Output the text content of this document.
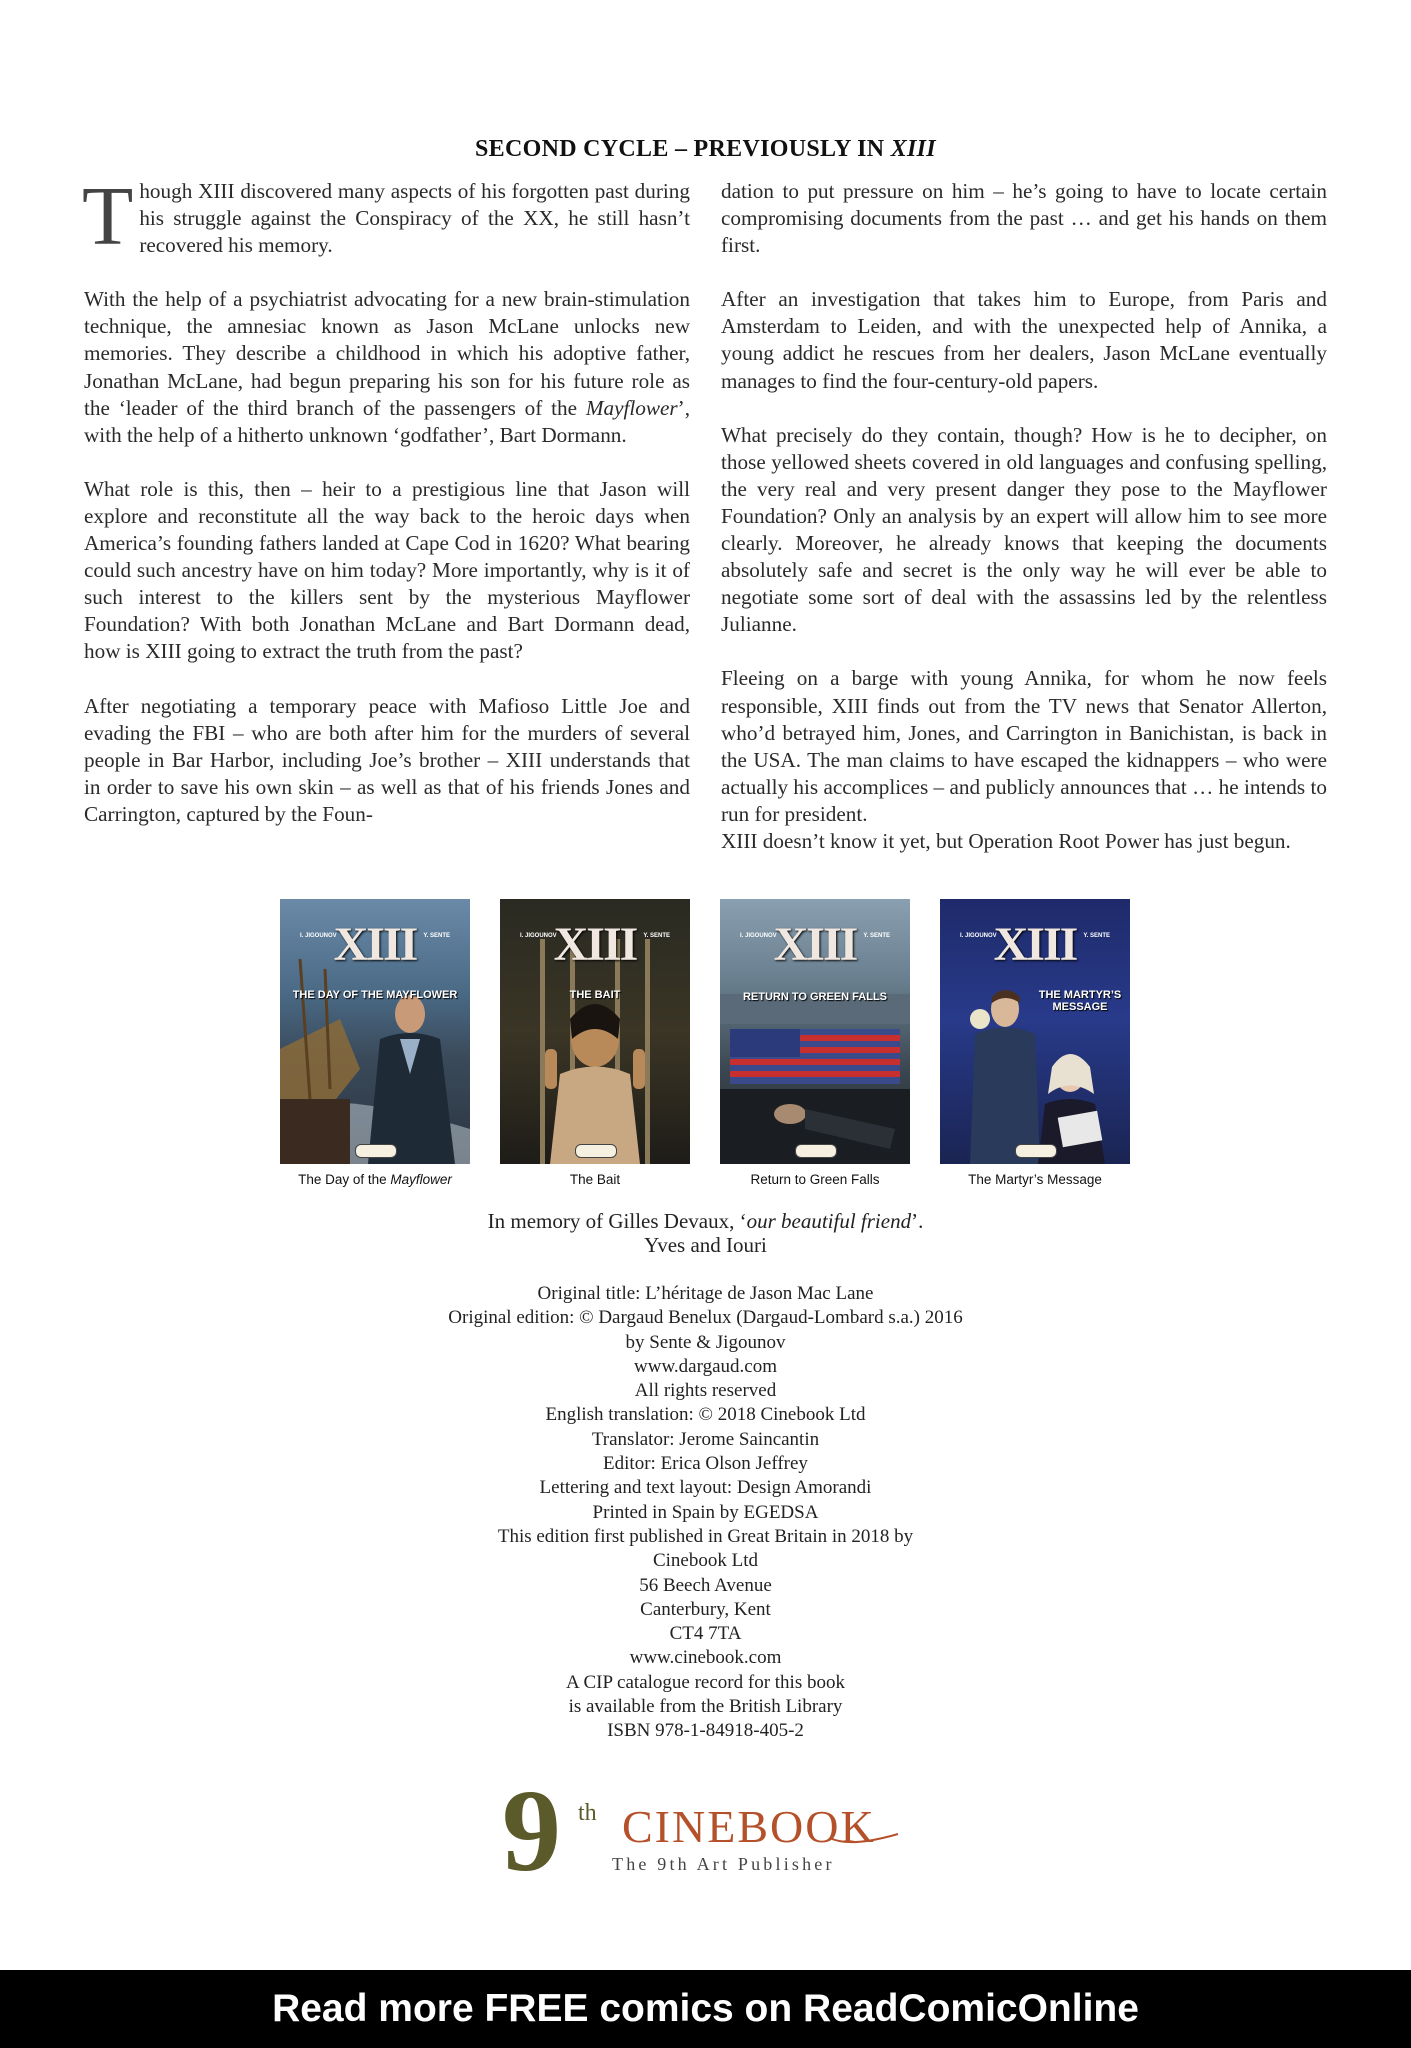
SECOND CYCLE – PREVIOUSLY IN XIII

Though XIII discovered many aspects of his forgotten past during his struggle against the Conspiracy of the XX, he still hasn’t recovered his memory.

With the help of a psychiatrist advocating for a new brain-stimulation technique, the amnesiac known as Jason McLane unlocks new memories. They describe a childhood in which his adoptive father, Jonathan McLane, had begun preparing his son for his future role as the ‘leader of the third branch of the passengers of the Mayflower’, with the help of a hitherto unknown ‘godfather’, Bart Dormann.

What role is this, then – heir to a prestigious line that Jason will explore and reconstitute all the way back to the heroic days when America’s founding fathers landed at Cape Cod in 1620? What bearing could such ancestry have on him today? More importantly, why is it of such interest to the killers sent by the mysterious Mayflower Foundation? With both Jonathan McLane and Bart Dormann dead, how is XIII going to extract the truth from the past?

After negotiating a temporary peace with Mafioso Little Joe and evading the FBI – who are both after him for the murders of several people in Bar Harbor, including Joe’s brother – XIII understands that in order to save his own skin – as well as that of his friends Jones and Carrington, captured by the Foun-

dation to put pressure on him – he’s going to have to locate certain compromising documents from the past … and get his hands on them first.

After an investigation that takes him to Europe, from Paris and Amsterdam to Leiden, and with the unexpected help of Annika, a young addict he rescues from her dealers, Jason McLane eventually manages to find the four-century-old papers.

What precisely do they contain, though? How is he to decipher, on those yellowed sheets covered in old languages and confusing spelling, the very real and very present danger they pose to the Mayflower Foundation? Only an analysis by an expert will allow him to see more clearly. Moreover, he already knows that keeping the documents absolutely safe and secret is the only way he will ever be able to negotiate some sort of deal with the assassins led by the relentless Julianne.

Fleeing on a barge with young Annika, for whom he now feels responsible, XIII finds out from the TV news that Senator Allerton, who’d betrayed him, Jones, and Carrington in Banichistan, is back in the USA. The man claims to have escaped the kidnappers – who were actually his accomplices – and publicly announces that … he intends to run for president.
XIII doesn’t know it yet, but Operation Root Power has just begun.

I. JIGOUNOV	Y. SENTE
XIII
THE DAY OF THE MAYFLOWER
The Day of the Mayflower
I. JIGOUNOV	Y. SENTE
XIII
THE BAIT
The Bait
I. JIGOUNOV	Y. SENTE
XIII
RETURN TO GREEN FALLS
Return to Green Falls
I. JIGOUNOV	Y. SENTE
XIII
THE MARTYR’S MESSAGE
The Martyr’s Message
In memory of Gilles Devaux, ‘our beautiful friend’.
Yves and Iouri
Original title: L’héritage de Jason Mac Lane
Original edition: © Dargaud Benelux (Dargaud-Lombard s.a.) 2016
by Sente & Jigounov
www.dargaud.com
All rights reserved
English translation: © 2018 Cinebook Ltd
Translator: Jerome Saincantin
Editor: Erica Olson Jeffrey
Lettering and text layout: Design Amorandi
Printed in Spain by EGEDSA
This edition first published in Great Britain in 2018 by
Cinebook Ltd
56 Beech Avenue
Canterbury, Kent
CT4 7TA
www.cinebook.com
A CIP catalogue record for this book
is available from the British Library
ISBN 978-1-84918-405-2
9 th CINEBOOK
The 9th Art Publisher
Read more FREE comics on ReadComicOnline
